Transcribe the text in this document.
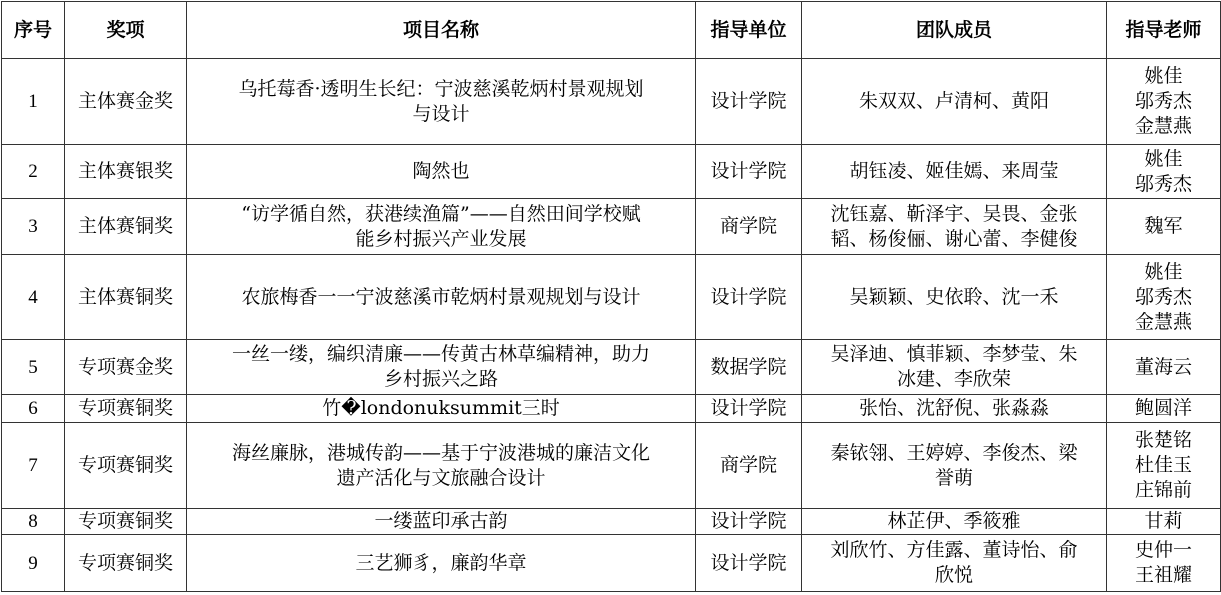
序号	奖项	项目名称	指导单位	团队成员	指导老师
1	主体赛金奖	乌托莓香·透明生长纪：宁波慈溪乾炳村景观规划
与设计	设计学院	朱双双、卢清柯、黄阳	姚佳
邬秀杰
金慧燕

2	主体赛银奖	陶然也	设计学院	胡钰凌、姬佳嫣、来周莹	姚佳
邬秀杰

3	主体赛铜奖	“访学循自然，获港续渔篇”——自然田间学校赋
能乡村振兴产业发展	商学院	沈钰嘉、靳泽宇、吴畏、金张
韬、杨俊俪、谢心蕾、李健俊	魏军

4	主体赛铜奖	农旅梅香一一宁波慈溪市乾炳村景观规划与设计	设计学院	吴颖颖、史依聆、沈一禾	姚佳
邬秀杰
金慧燕

5	专项赛金奖	一丝一缕，编织清廉——传黄古林草编精神，助力
乡村振兴之路	数据学院	吴泽迪、慎菲颖、李梦莹、朱
冰建、李欣荣	董海云

6	专项赛铜奖	竹�londonuksummit三时	设计学院	张怡、沈舒倪、张淼淼	鲍圆洋

7	专项赛铜奖	海丝廉脉，港城传韵——基于宁波港城的廉洁文化
遗产活化与文旅融合设计	商学院	秦铱翎、王婷婷、李俊杰、梁
誉萌	张楚铭
杜佳玉
庄锦前

8	专项赛铜奖	一缕蓝印承古韵	设计学院	林芷伊、季筱雅	甘莉

9	专项赛铜奖	三艺狮豸，廉韵华章	设计学院	刘欣竹、方佳露、董诗怡、俞
欣悦	史仲一
王祖耀
